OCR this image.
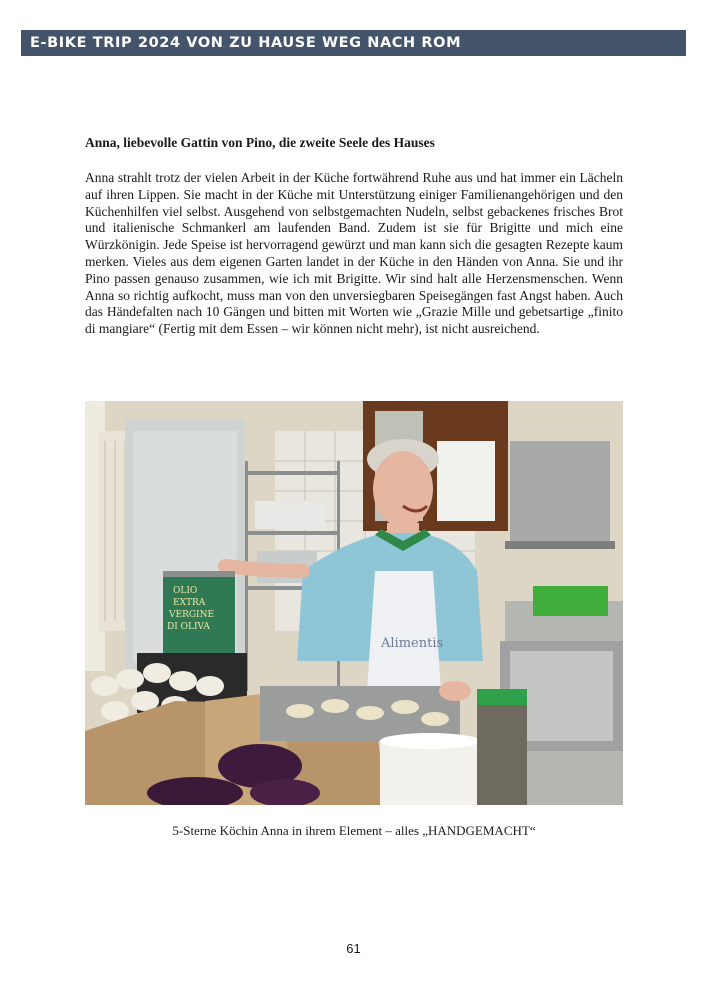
E-BIKE TRIP 2024 VON ZU HAUSE WEG NACH ROM
Anna, liebevolle Gattin von Pino, die zweite Seele des Hauses
Anna strahlt trotz der vielen Arbeit in der Küche fortwährend Ruhe aus und hat immer ein Lächeln auf ihren Lippen. Sie macht in der Küche mit Unterstützung einiger Familienangehörigen und den Küchenhilfen viel selbst. Ausgehend von selbstgemachten Nudeln, selbst gebackenes frisches Brot und italienische Schmankerl am laufenden Band. Zudem ist sie für Brigitte und mich eine Würzkönigin. Jede Speise ist hervorragend gewürzt und man kann sich die gesagten Rezepte kaum merken. Vieles aus dem eigenen Garten landet in der Küche in den Händen von Anna. Sie und ihr Pino passen genauso zusammen, wie ich mit Brigitte. Wir sind halt alle Herzensmenschen. Wenn Anna so richtig aufkocht, muss man von den unversiegbaren Speisegängen fast Angst haben. Auch das Händefalten nach 10 Gängen und bitten mit Worten wie „Grazie Mille und gebetsartige „finito di mangiare“ (Fertig mit dem Essen – wir können nicht mehr), ist nicht ausreichend.
Alimentis
OLIO
EXTRA
VERGINE
DI OLIVA
5-Sterne Köchin Anna in ihrem Element – alles „HANDGEMACHT“
61
